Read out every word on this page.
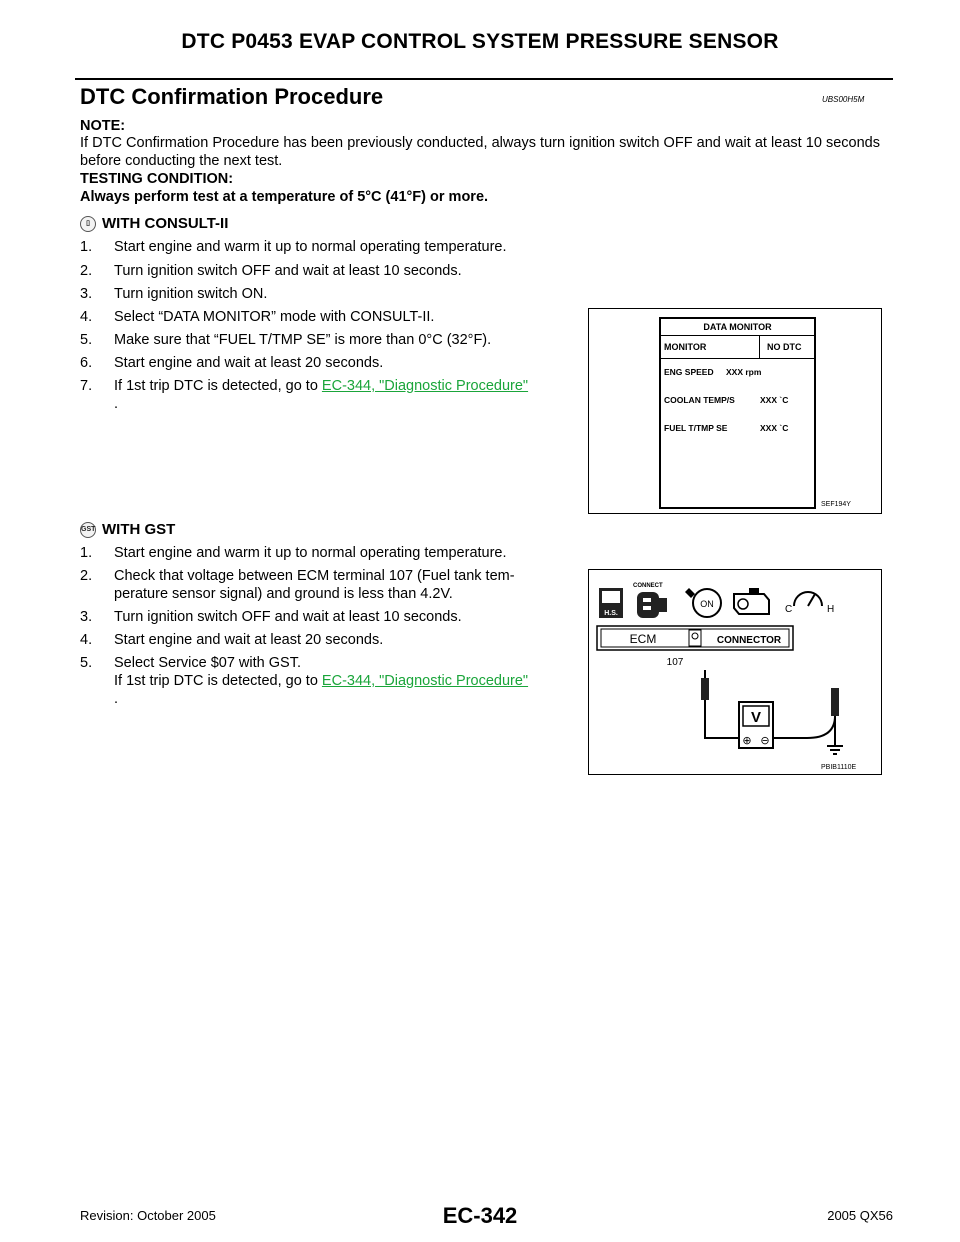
DTC P0453 EVAP CONTROL SYSTEM PRESSURE SENSOR
DTC Confirmation Procedure	UBS00H5M
NOTE:
If DTC Confirmation Procedure has been previously conducted, always turn ignition switch OFF and wait at least 10 seconds before conducting the next test.
TESTING CONDITION:
Always perform test at a temperature of 5°C (41°F) or more.
▯ WITH CONSULT-II
1. Start engine and warm it up to normal operating temperature.
2. Turn ignition switch OFF and wait at least 10 seconds.
3. Turn ignition switch ON.
4. Select “DATA MONITOR” mode with CONSULT-II.
5. Make sure that “FUEL T/TMP SE” is more than 0°C (32°F).
6. Start engine and wait at least 20 seconds.
7. If 1st trip DTC is detected, go to EC-344, "Diagnostic Procedure"
.
DATA MONITOR
MONITOR	NO DTC
ENG SPEED XXX rpm
COOLAN TEMP/S	XXX `C
FUEL T/TMP SE	XXX `C
SEF194Y
GST WITH GST
1. Start engine and warm it up to normal operating temperature.
2. Check that voltage between ECM terminal 107 (Fuel tank tem-
perature sensor signal) and ground is less than 4.2V.
3. Turn ignition switch OFF and wait at least 10 seconds.
4. Start engine and wait at least 20 seconds.
5. Select Service $07 with GST.
If 1st trip DTC is detected, go to EC-344, "Diagnostic Procedure"
.
H.S.
CONNECT
ON	C	H
ECM	CONNECTOR
107
V
⊕ ⊖
PBIB1110E
Revision: October 2005	EC-342	2005 QX56
